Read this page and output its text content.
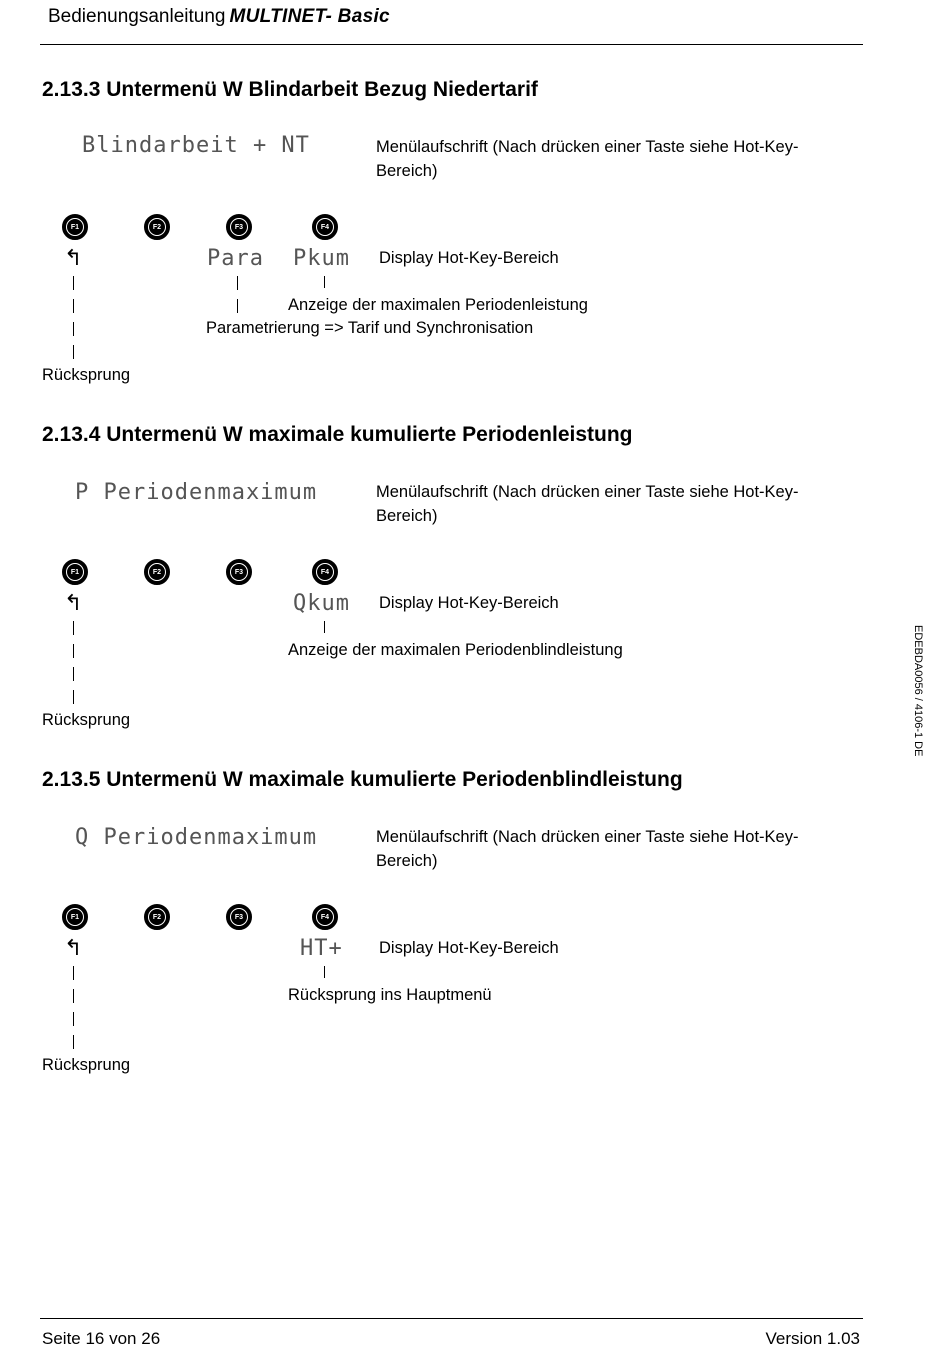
Bedienungsanleitung MULTINET- Basic
2.13.3 Untermenü W Blindarbeit Bezug Niedertarif
Blindarbeit + NT	Menülaufschrift (Nach drücken einer Taste siehe Hot-Key-Bereich)
F1	F2	F3	F4
↰	Para Pkum Display Hot-Key-Bereich
Anzeige der maximalen Periodenleistung
Parametrierung => Tarif und Synchronisation
Rücksprung
2.13.4 Untermenü W maximale kumulierte Periodenleistung
P Periodenmaximum	Menülaufschrift (Nach drücken einer Taste siehe Hot-Key-Bereich)
F1	F2	F3	F4
↰	Qkum Display Hot-Key-Bereich
Anzeige der maximalen Periodenblindleistung
Rücksprung
2.13.5 Untermenü W maximale kumulierte Periodenblindleistung
Q Periodenmaximum	Menülaufschrift (Nach drücken einer Taste siehe Hot-Key-Bereich)
F1	F2	F3	F4
↰	HT+ Display Hot-Key-Bereich
Rücksprung ins Hauptmenü
Rücksprung
EDEBDA0056 / 4106-1 DE
Seite 16 von 26	Version 1.03
